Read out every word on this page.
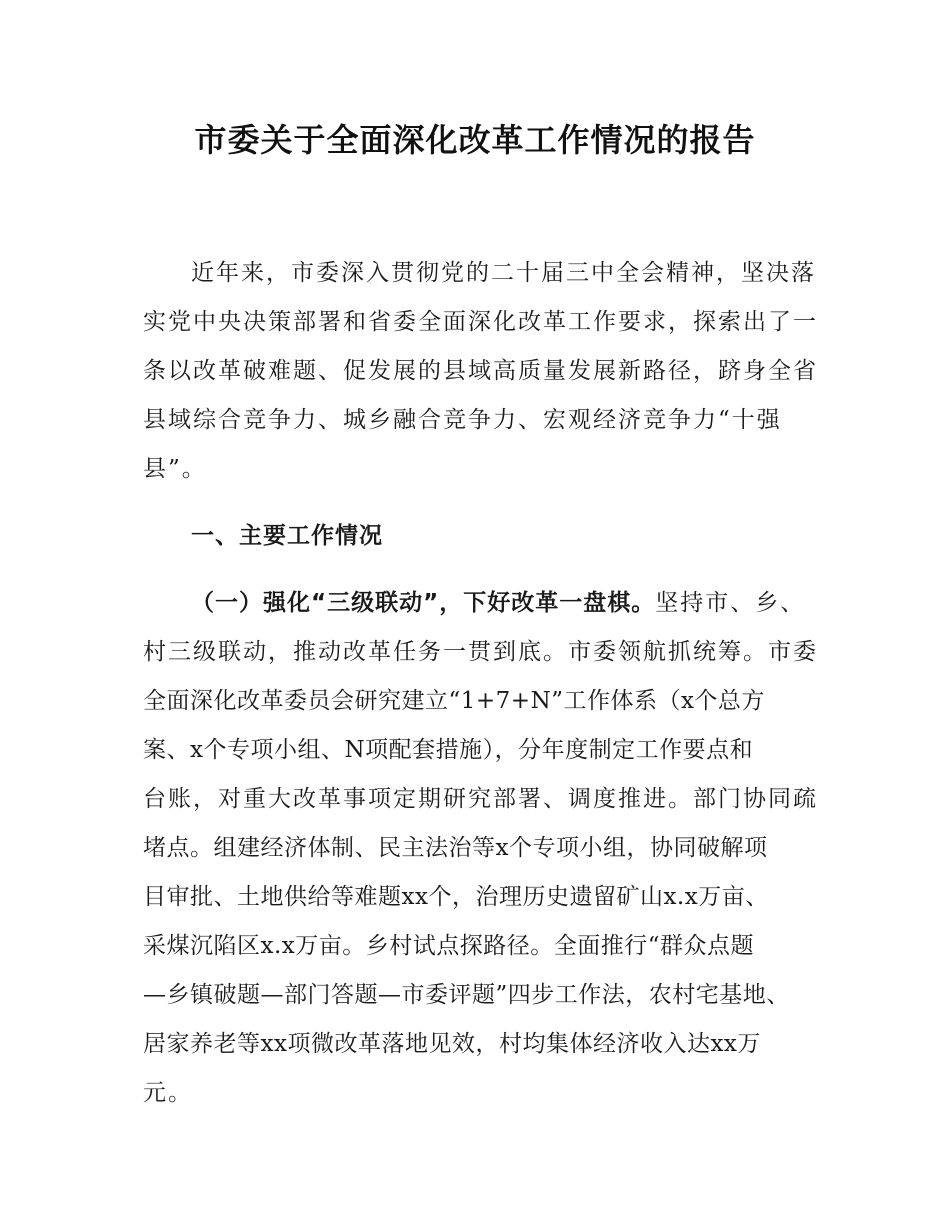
市委关于全面深化改革工作情况的报告
近年来，市委深入贯彻党的二十届三中全会精神，坚决落
实党中央决策部署和省委全面深化改革工作要求，探索出了一
条以改革破难题、促发展的县域高质量发展新路径，跻身全省
县域综合竞争力、城乡融合竞争力、宏观经济竞争力“十强
县”。
一、主要工作情况
（一）强化“三级联动”，下好改革一盘棋。坚持市、乡、
村三级联动，推动改革任务一贯到底。市委领航抓统筹。市委
全面深化改革委员会研究建立“1+7+N”工作体系（x个总方
案、x个专项小组、N项配套措施），分年度制定工作要点和
台账，对重大改革事项定期研究部署、调度推进。部门协同疏
堵点。组建经济体制、民主法治等x个专项小组，协同破解项
目审批、土地供给等难题xx个，治理历史遗留矿山x.x万亩、
采煤沉陷区x.x万亩。乡村试点探路径。全面推行“群众点题
—乡镇破题—部门答题—市委评题”四步工作法，农村宅基地、
居家养老等xx项微改革落地见效，村均集体经济收入达xx万
元。
